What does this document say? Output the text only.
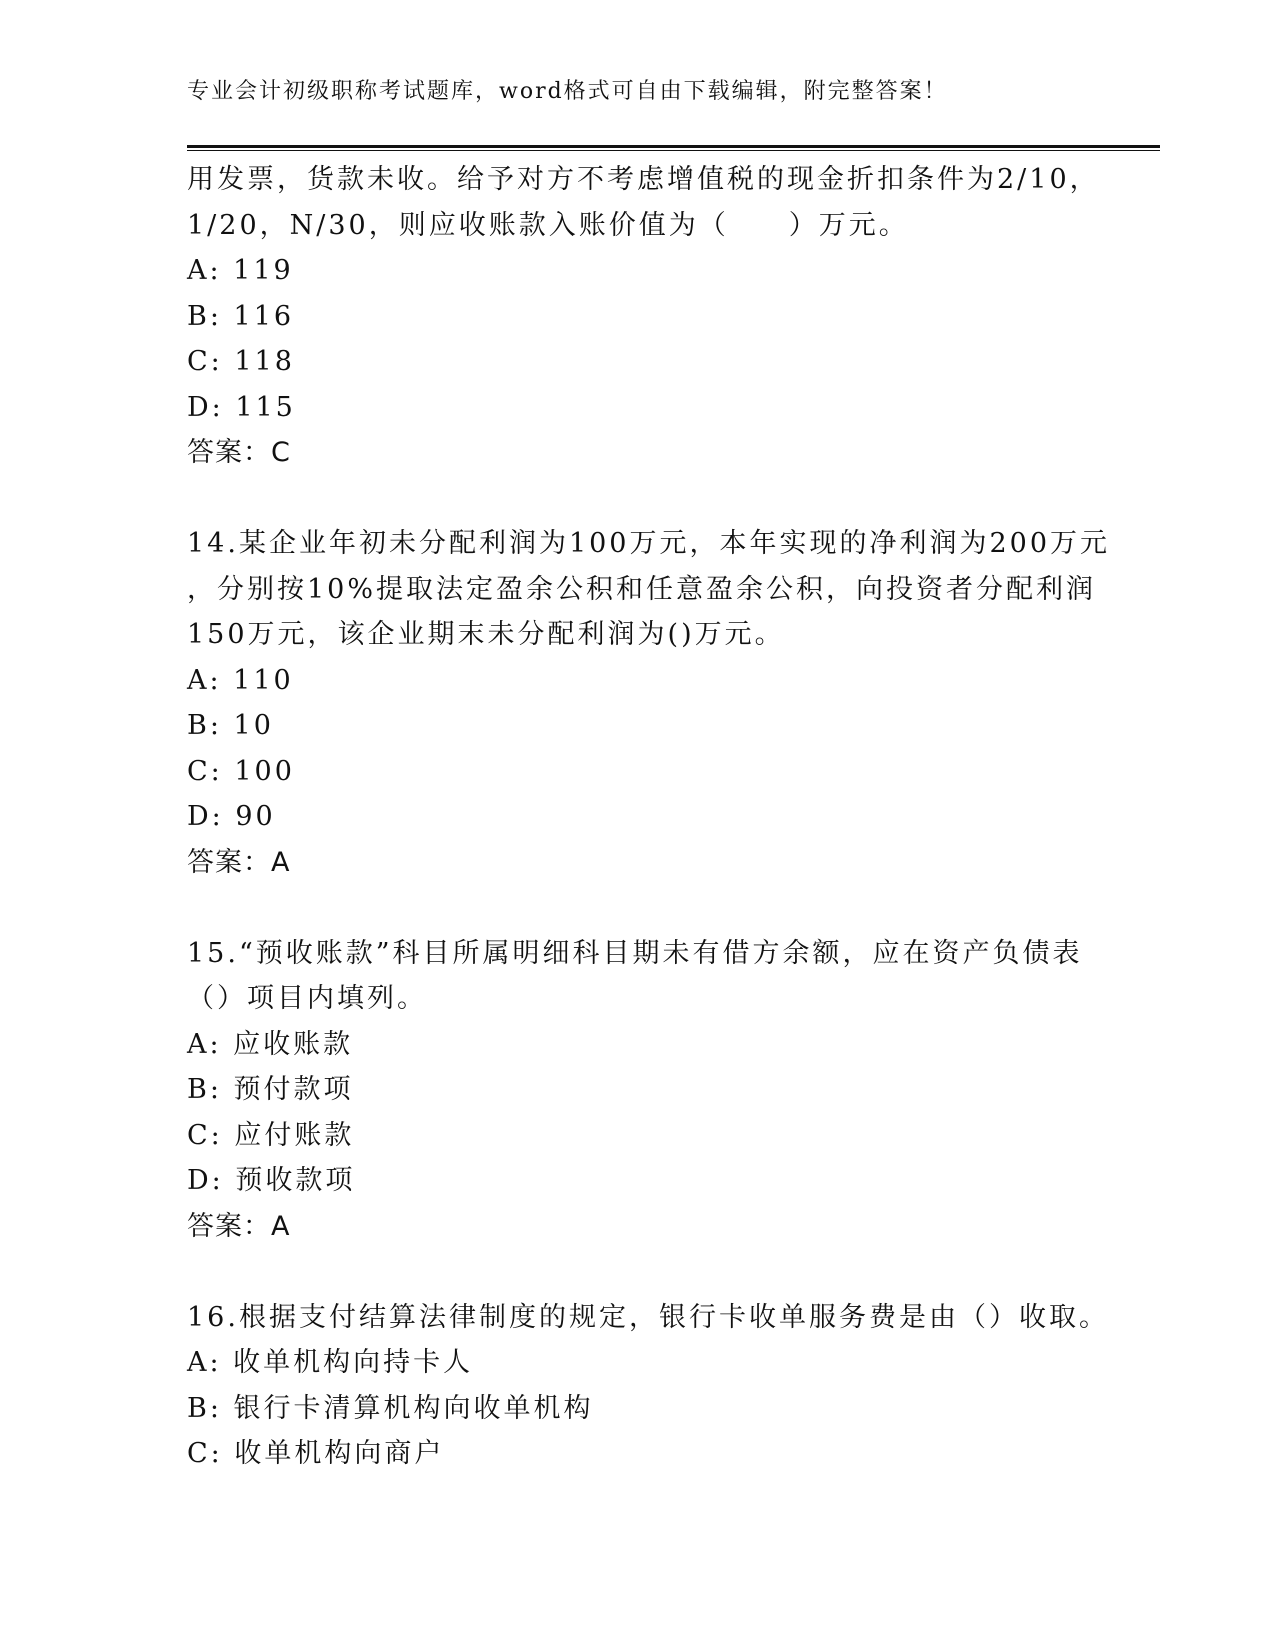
专业会计初级职称考试题库，word格式可自由下载编辑，附完整答案！
用发票，货款未收。给予对方不考虑增值税的现金折扣条件为2/10，
1/20，N/30，则应收账款入账价值为（　　）万元。
A: 119
B: 116
C: 118
D: 115
答案：C
14.某企业年初未分配利润为100万元，本年实现的净利润为200万元
，分别按10%提取法定盈余公积和任意盈余公积，向投资者分配利润
150万元，该企业期末未分配利润为()万元。
A: 110
B: 10
C: 100
D: 90
答案：A
15.“预收账款”科目所属明细科目期未有借方余额，应在资产负债表
（）项目内填列。
A: 应收账款
B: 预付款项
C: 应付账款
D: 预收款项
答案：A
16.根据支付结算法律制度的规定，银行卡收单服务费是由（）收取。
A: 收单机构向持卡人
B: 银行卡清算机构向收单机构
C: 收单机构向商户
